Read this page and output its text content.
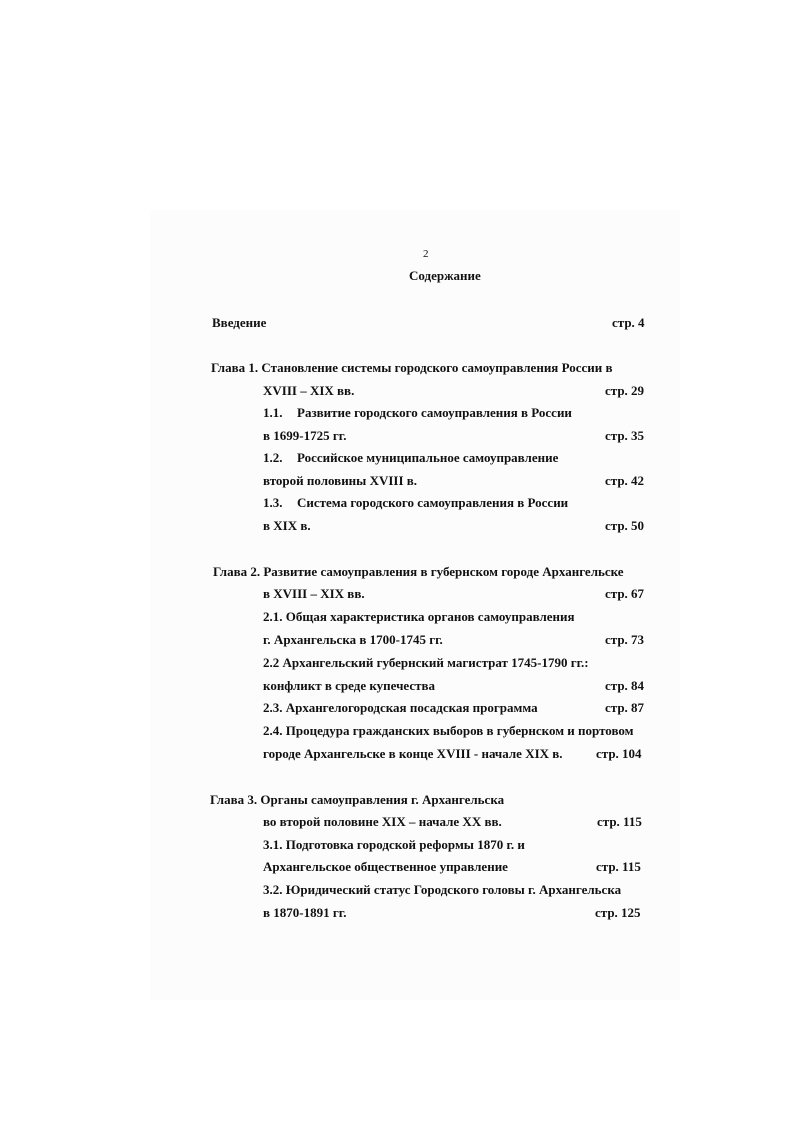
2
Содержание
Введение	стр. 4
Глава 1. Становление системы городского самоуправления России в
XVIII – XIX вв.	стр. 29
1.1. Развитие городского самоуправления в России
в 1699-1725 гг.	стр. 35
1.2. Российское муниципальное самоуправление
второй половины XVIII в.	стр. 42
1.3. Система городского самоуправления в России
в XIX в.	стр. 50
Глава 2. Развитие самоуправления в губернском городе Архангельске
в XVIII – XIX вв.	стр. 67
2.1. Общая характеристика органов самоуправления
г. Архангельска в 1700-1745 гг.	стр. 73
2.2 Архангельский губернский магистрат 1745-1790 гг.:
конфликт в среде купечества	стр. 84
2.3. Архангелогородская посадская программа	стр. 87
2.4. Процедура гражданских выборов в губернском и портовом
городе Архангельске в конце XVIII - начале XIX в.	стр. 104
Глава 3. Органы самоуправления г. Архангельска
во второй половине XIX – начале XX вв.	стр. 115
3.1. Подготовка городской реформы 1870 г. и
Архангельское общественное управление	стр. 115
3.2. Юридический статус Городского головы г. Архангельска
в 1870-1891 гг.	стр. 125
